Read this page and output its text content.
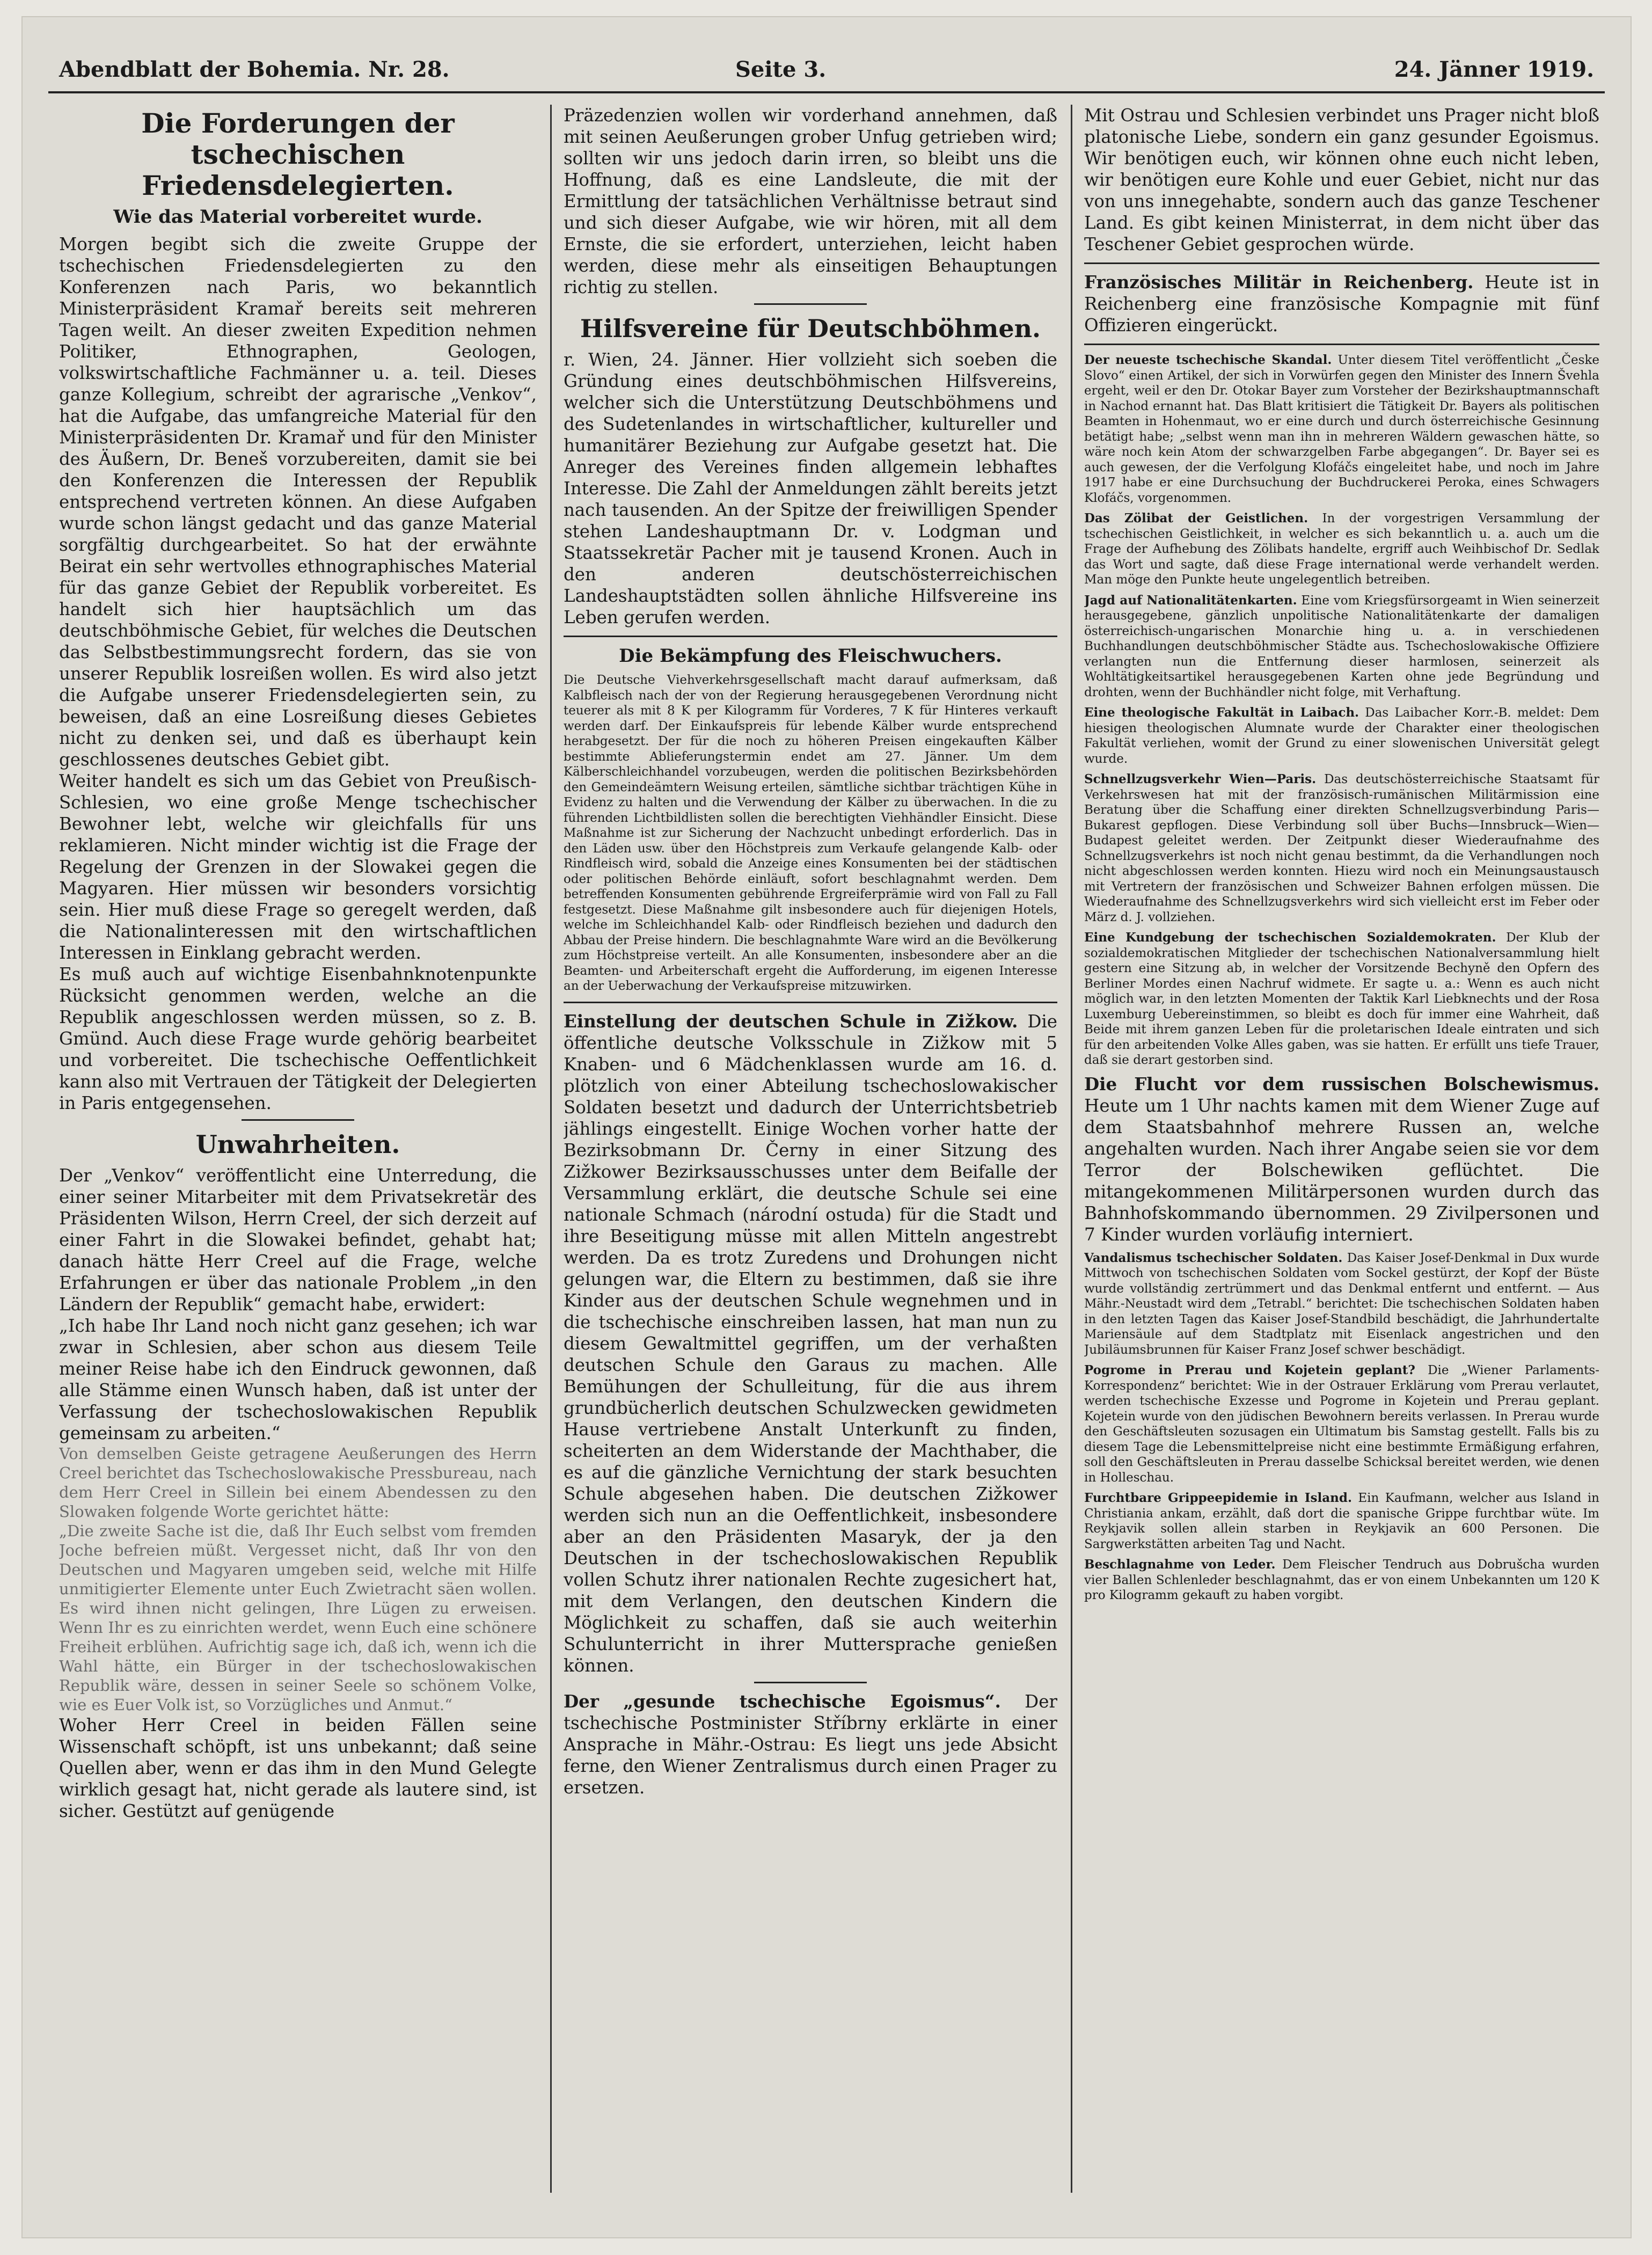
Abendblatt der Bohemia. Nr. 28.	Seite 3.	24. Jänner 1919.
Die Forderungen der tschechischen Friedensdelegierten.
Wie das Material vorbereitet wurde.

Morgen begibt sich die zweite Gruppe der tschechischen Friedensdelegierten zu den Konferenzen nach Paris, wo bekanntlich Ministerpräsident Kramař bereits seit mehreren Tagen weilt. An dieser zweiten Expedition nehmen Politiker, Ethnographen, Geologen, volkswirtschaftliche Fachmänner u. a. teil. Dieses ganze Kollegium, schreibt der agrarische „Venkov“, hat die Aufgabe, das umfangreiche Material für den Ministerpräsidenten Dr. Kramař und für den Minister des Äußern, Dr. Beneš vorzubereiten, damit sie bei den Konferenzen die Interessen der Republik entsprechend vertreten können. An diese Aufgaben wurde schon längst gedacht und das ganze Material sorgfältig durchgearbeitet. So hat der erwähnte Beirat ein sehr wertvolles ethnographisches Material für das ganze Gebiet der Republik vorbereitet. Es handelt sich hier hauptsächlich um das deutschböhmische Gebiet, für welches die Deutschen das Selbstbestimmungsrecht fordern, das sie von unserer Republik losreißen wollen. Es wird also jetzt die Aufgabe unserer Friedensdelegierten sein, zu beweisen, daß an eine Losreißung dieses Gebietes nicht zu denken sei, und daß es überhaupt kein geschlossenes deutsches Gebiet gibt.

Weiter handelt es sich um das Gebiet von Preußisch-Schlesien, wo eine große Menge tschechischer Bewohner lebt, welche wir gleichfalls für uns reklamieren. Nicht minder wichtig ist die Frage der Regelung der Grenzen in der Slowakei gegen die Magyaren. Hier müssen wir besonders vorsichtig sein. Hier muß diese Frage so geregelt werden, daß die Nationalinteressen mit den wirtschaftlichen Interessen in Einklang gebracht werden.

Es muß auch auf wichtige Eisenbahnknotenpunkte Rücksicht genommen werden, welche an die Republik angeschlossen werden müssen, so z. B. Gmünd. Auch diese Frage wurde gehörig bearbeitet und vorbereitet. Die tschechische Oeffentlichkeit kann also mit Vertrauen der Tätigkeit der Delegierten in Paris entgegensehen.

Unwahrheiten.

Der „Venkov“ veröffentlicht eine Unterredung, die einer seiner Mitarbeiter mit dem Privatsekretär des Präsidenten Wilson, Herrn Creel, der sich derzeit auf einer Fahrt in die Slowakei befindet, gehabt hat; danach hätte Herr Creel auf die Frage, welche Erfahrungen er über das nationale Problem „in den Ländern der Republik“ gemacht habe, erwidert:

„Ich habe Ihr Land noch nicht ganz gesehen; ich war zwar in Schlesien, aber schon aus diesem Teile meiner Reise habe ich den Eindruck gewonnen, daß alle Stämme einen Wunsch haben, daß ist unter der Verfassung der tschechoslowakischen Republik gemeinsam zu arbeiten.“

Von demselben Geiste getragene Aeußerungen des Herrn Creel berichtet das Tschechoslowakische Pressbureau, nach dem Herr Creel in Sillein bei einem Abendessen zu den Slowaken folgende Worte gerichtet hätte:

„Die zweite Sache ist die, daß Ihr Euch selbst vom fremden Joche befreien müßt. Vergesset nicht, daß Ihr von den Deutschen und Magyaren umgeben seid, welche mit Hilfe unmitigierter Elemente unter Euch Zwietracht säen wollen. Es wird ihnen nicht gelingen, Ihre Lügen zu erweisen. Wenn Ihr es zu einrichten werdet, wenn Euch eine schönere Freiheit erblühen. Aufrichtig sage ich, daß ich, wenn ich die Wahl hätte, ein Bürger in der tschechoslowakischen Republik wäre, dessen in seiner Seele so schönem Volke, wie es Euer Volk ist, so Vorzügliches und Anmut.“

Woher Herr Creel in beiden Fällen seine Wissenschaft schöpft, ist uns unbekannt; daß seine Quellen aber, wenn er das ihm in den Mund Gelegte wirklich gesagt hat, nicht gerade als lautere sind, ist sicher. Gestützt auf genügende

Präzedenzien wollen wir vorderhand annehmen, daß mit seinen Aeußerungen grober Unfug getrieben wird; sollten wir uns jedoch darin irren, so bleibt uns die Hoffnung, daß es eine Landsleute, die mit der Ermittlung der tatsächlichen Verhältnisse betraut sind und sich dieser Aufgabe, wie wir hören, mit all dem Ernste, die sie erfordert, unterziehen, leicht haben werden, diese mehr als einseitigen Behauptungen richtig zu stellen.

Hilfsvereine für Deutschböhmen.

r. Wien, 24. Jänner. Hier vollzieht sich soeben die Gründung eines deutschböhmischen Hilfsvereins, welcher sich die Unterstützung Deutschböhmens und des Sudetenlandes in wirtschaftlicher, kultureller und humanitärer Beziehung zur Aufgabe gesetzt hat. Die Anreger des Vereines finden allgemein lebhaftes Interesse. Die Zahl der Anmeldungen zählt bereits jetzt nach tausenden. An der Spitze der freiwilligen Spender stehen Landeshauptmann Dr. v. Lodgman und Staatssekretär Pacher mit je tausend Kronen. Auch in den anderen deutschösterreichischen Landeshauptstädten sollen ähnliche Hilfsvereine ins Leben gerufen werden.

Die Bekämpfung des Fleischwuchers.

Die Deutsche Viehverkehrsgesellschaft macht darauf aufmerksam, daß Kalbfleisch nach der von der Regierung herausgegebenen Verordnung nicht teuerer als mit 8 K per Kilogramm für Vorderes, 7 K für Hinteres verkauft werden darf. Der Einkaufspreis für lebende Kälber wurde entsprechend herabgesetzt. Der für die noch zu höheren Preisen eingekauften Kälber bestimmte Ablieferungstermin endet am 27. Jänner. Um dem Kälberschleichhandel vorzubeugen, werden die politischen Bezirksbehörden den Gemeindeämtern Weisung erteilen, sämtliche sichtbar trächtigen Kühe in Evidenz zu halten und die Verwendung der Kälber zu überwachen. In die zu führenden Lichtbildlisten sollen die berechtigten Viehhändler Einsicht. Diese Maßnahme ist zur Sicherung der Nachzucht unbedingt erforderlich. Das in den Läden usw. über den Höchstpreis zum Verkaufe gelangende Kalb- oder Rindfleisch wird, sobald die Anzeige eines Konsumenten bei der städtischen oder politischen Behörde einläuft, sofort beschlagnahmt werden. Dem betreffenden Konsumenten gebührende Ergreiferprämie wird von Fall zu Fall festgesetzt. Diese Maßnahme gilt insbesondere auch für diejenigen Hotels, welche im Schleichhandel Kalb- oder Rindfleisch beziehen und dadurch den Abbau der Preise hindern. Die beschlagnahmte Ware wird an die Bevölkerung zum Höchstpreise verteilt. An alle Konsumenten, insbesondere aber an die Beamten- und Arbeiterschaft ergeht die Aufforderung, im eigenen Interesse an der Ueberwachung der Verkaufspreise mitzuwirken.

Einstellung der deutschen Schule in Zižkow. Die öffentliche deutsche Volksschule in Zižkow mit 5 Knaben- und 6 Mädchenklassen wurde am 16. d. plötzlich von einer Abteilung tschechoslowakischer Soldaten besetzt und dadurch der Unterrichtsbetrieb jählings eingestellt. Einige Wochen vorher hatte der Bezirksobmann Dr. Černy in einer Sitzung des Zižkower Bezirksausschusses unter dem Beifalle der Versammlung erklärt, die deutsche Schule sei eine nationale Schmach (národní ostuda) für die Stadt und ihre Beseitigung müsse mit allen Mitteln angestrebt werden. Da es trotz Zuredens und Drohungen nicht gelungen war, die Eltern zu bestimmen, daß sie ihre Kinder aus der deutschen Schule wegnehmen und in die tschechische einschreiben lassen, hat man nun zu diesem Gewaltmittel gegriffen, um der verhaßten deutschen Schule den Garaus zu machen. Alle Bemühungen der Schulleitung, für die aus ihrem grundbücherlich deutschen Schulzwecken gewidmeten Hause vertriebene Anstalt Unterkunft zu finden, scheiterten an dem Widerstande der Machthaber, die es auf die gänzliche Vernichtung der stark besuchten Schule abgesehen haben. Die deutschen Zižkower werden sich nun an die Oeffentlichkeit, insbesondere aber an den Präsidenten Masaryk, der ja den Deutschen in der tschechoslowakischen Republik vollen Schutz ihrer nationalen Rechte zugesichert hat, mit dem Verlangen, den deutschen Kindern die Möglichkeit zu schaffen, daß sie auch weiterhin Schulunterricht in ihrer Muttersprache genießen können.

Der „gesunde tschechische Egoismus“. Der tschechische Postminister Stříbrny erklärte in einer Ansprache in Mähr.-Ostrau: Es liegt uns jede Absicht ferne, den Wiener Zentralismus durch einen Prager zu ersetzen.

Mit Ostrau und Schlesien verbindet uns Prager nicht bloß platonische Liebe, sondern ein ganz gesunder Egoismus. Wir benötigen euch, wir können ohne euch nicht leben, wir benötigen eure Kohle und euer Gebiet, nicht nur das von uns innegehabte, sondern auch das ganze Teschener Land. Es gibt keinen Ministerrat, in dem nicht über das Teschener Gebiet gesprochen würde.

Französisches Militär in Reichenberg. Heute ist in Reichenberg eine französische Kompagnie mit fünf Offizieren eingerückt.

Der neueste tschechische Skandal. Unter diesem Titel veröffentlicht „Česke Slovo“ einen Artikel, der sich in Vorwürfen gegen den Minister des Innern Švehla ergeht, weil er den Dr. Otokar Bayer zum Vorsteher der Bezirkshauptmannschaft in Nachod ernannt hat. Das Blatt kritisiert die Tätigkeit Dr. Bayers als politischen Beamten in Hohenmaut, wo er eine durch und durch österreichische Gesinnung betätigt habe; „selbst wenn man ihn in mehreren Wäldern gewaschen hätte, so wäre noch kein Atom der schwarzgelben Farbe abgegangen“. Dr. Bayer sei es auch gewesen, der die Verfolgung Klofáčs eingeleitet habe, und noch im Jahre 1917 habe er eine Durchsuchung der Buchdruckerei Peroka, eines Schwagers Klofáčs, vorgenommen.

Das Zölibat der Geistlichen. In der vorgestrigen Versammlung der tschechischen Geistlichkeit, in welcher es sich bekanntlich u. a. auch um die Frage der Aufhebung des Zölibats handelte, ergriff auch Weihbischof Dr. Sedlak das Wort und sagte, daß diese Frage international werde verhandelt werden. Man möge den Punkte heute ungelegentlich betreiben.

Jagd auf Nationalitätenkarten. Eine vom Kriegsfürsorgeamt in Wien seinerzeit herausgegebene, gänzlich unpolitische Nationalitätenkarte der damaligen österreichisch-ungarischen Monarchie hing u. a. in verschiedenen Buchhandlungen deutschböhmischer Städte aus. Tschechoslowakische Offiziere verlangten nun die Entfernung dieser harmlosen, seinerzeit als Wohltätigkeitsartikel herausgegebenen Karten ohne jede Begründung und drohten, wenn der Buchhändler nicht folge, mit Verhaftung.

Eine theologische Fakultät in Laibach. Das Laibacher Korr.-B. meldet: Dem hiesigen theologischen Alumnate wurde der Charakter einer theologischen Fakultät verliehen, womit der Grund zu einer slowenischen Universität gelegt wurde.

Schnellzugsverkehr Wien—Paris. Das deutschösterreichische Staatsamt für Verkehrswesen hat mit der französisch-rumänischen Militärmission eine Beratung über die Schaffung einer direkten Schnellzugsverbindung Paris—Bukarest gepflogen. Diese Verbindung soll über Buchs—Innsbruck—Wien—Budapest geleitet werden. Der Zeitpunkt dieser Wiederaufnahme des Schnellzugsverkehrs ist noch nicht genau bestimmt, da die Verhandlungen noch nicht abgeschlossen werden konnten. Hiezu wird noch ein Meinungsaustausch mit Vertretern der französischen und Schweizer Bahnen erfolgen müssen. Die Wiederaufnahme des Schnellzugsverkehrs wird sich vielleicht erst im Feber oder März d. J. vollziehen.

Eine Kundgebung der tschechischen Sozialdemokraten. Der Klub der sozialdemokratischen Mitglieder der tschechischen Nationalversammlung hielt gestern eine Sitzung ab, in welcher der Vorsitzende Bechyně den Opfern des Berliner Mordes einen Nachruf widmete. Er sagte u. a.: Wenn es auch nicht möglich war, in den letzten Momenten der Taktik Karl Liebknechts und der Rosa Luxemburg Uebereinstimmen, so bleibt es doch für immer eine Wahrheit, daß Beide mit ihrem ganzen Leben für die proletarischen Ideale eintraten und sich für den arbeitenden Volke Alles gaben, was sie hatten. Er erfüllt uns tiefe Trauer, daß sie derart gestorben sind.

Die Flucht vor dem russischen Bolschewismus. Heute um 1 Uhr nachts kamen mit dem Wiener Zuge auf dem Staatsbahnhof mehrere Russen an, welche angehalten wurden. Nach ihrer Angabe seien sie vor dem Terror der Bolschewiken geflüchtet. Die mitangekommenen Militärpersonen wurden durch das Bahnhofskommando übernommen. 29 Zivilpersonen und 7 Kinder wurden vorläufig interniert.

Vandalismus tschechischer Soldaten. Das Kaiser Josef-Denkmal in Dux wurde Mittwoch von tschechischen Soldaten vom Sockel gestürzt, der Kopf der Büste wurde vollständig zertrümmert und das Denkmal entfernt und entfernt. — Aus Mähr.-Neustadt wird dem „Tetrabl.“ berichtet: Die tschechischen Soldaten haben in den letzten Tagen das Kaiser Josef-Standbild beschädigt, die Jahrhundertalte Mariensäule auf dem Stadtplatz mit Eisenlack angestrichen und den Jubiläumsbrunnen für Kaiser Franz Josef schwer beschädigt.

Pogrome in Prerau und Kojetein geplant? Die „Wiener Parlaments-Korrespondenz“ berichtet: Wie in der Ostrauer Erklärung vom Prerau verlautet, werden tschechische Exzesse und Pogrome in Kojetein und Prerau geplant. Kojetein wurde von den jüdischen Bewohnern bereits verlassen. In Prerau wurde den Geschäftsleuten sozusagen ein Ultimatum bis Samstag gestellt. Falls bis zu diesem Tage die Lebensmittelpreise nicht eine bestimmte Ermäßigung erfahren, soll den Geschäftsleuten in Prerau dasselbe Schicksal bereitet werden, wie denen in Holleschau.

Furchtbare Grippeepidemie in Island. Ein Kaufmann, welcher aus Island in Christiania ankam, erzählt, daß dort die spanische Grippe furchtbar wüte. Im Reykjavik sollen allein starben in Reykjavik an 600 Personen. Die Sargwerkstätten arbeiten Tag und Nacht.

Beschlagnahme von Leder. Dem Fleischer Tendruch aus Dobrušcha wurden vier Ballen Schlenleder beschlagnahmt, das er von einem Unbekannten um 120 K pro Kilogramm gekauft zu haben vorgibt.
